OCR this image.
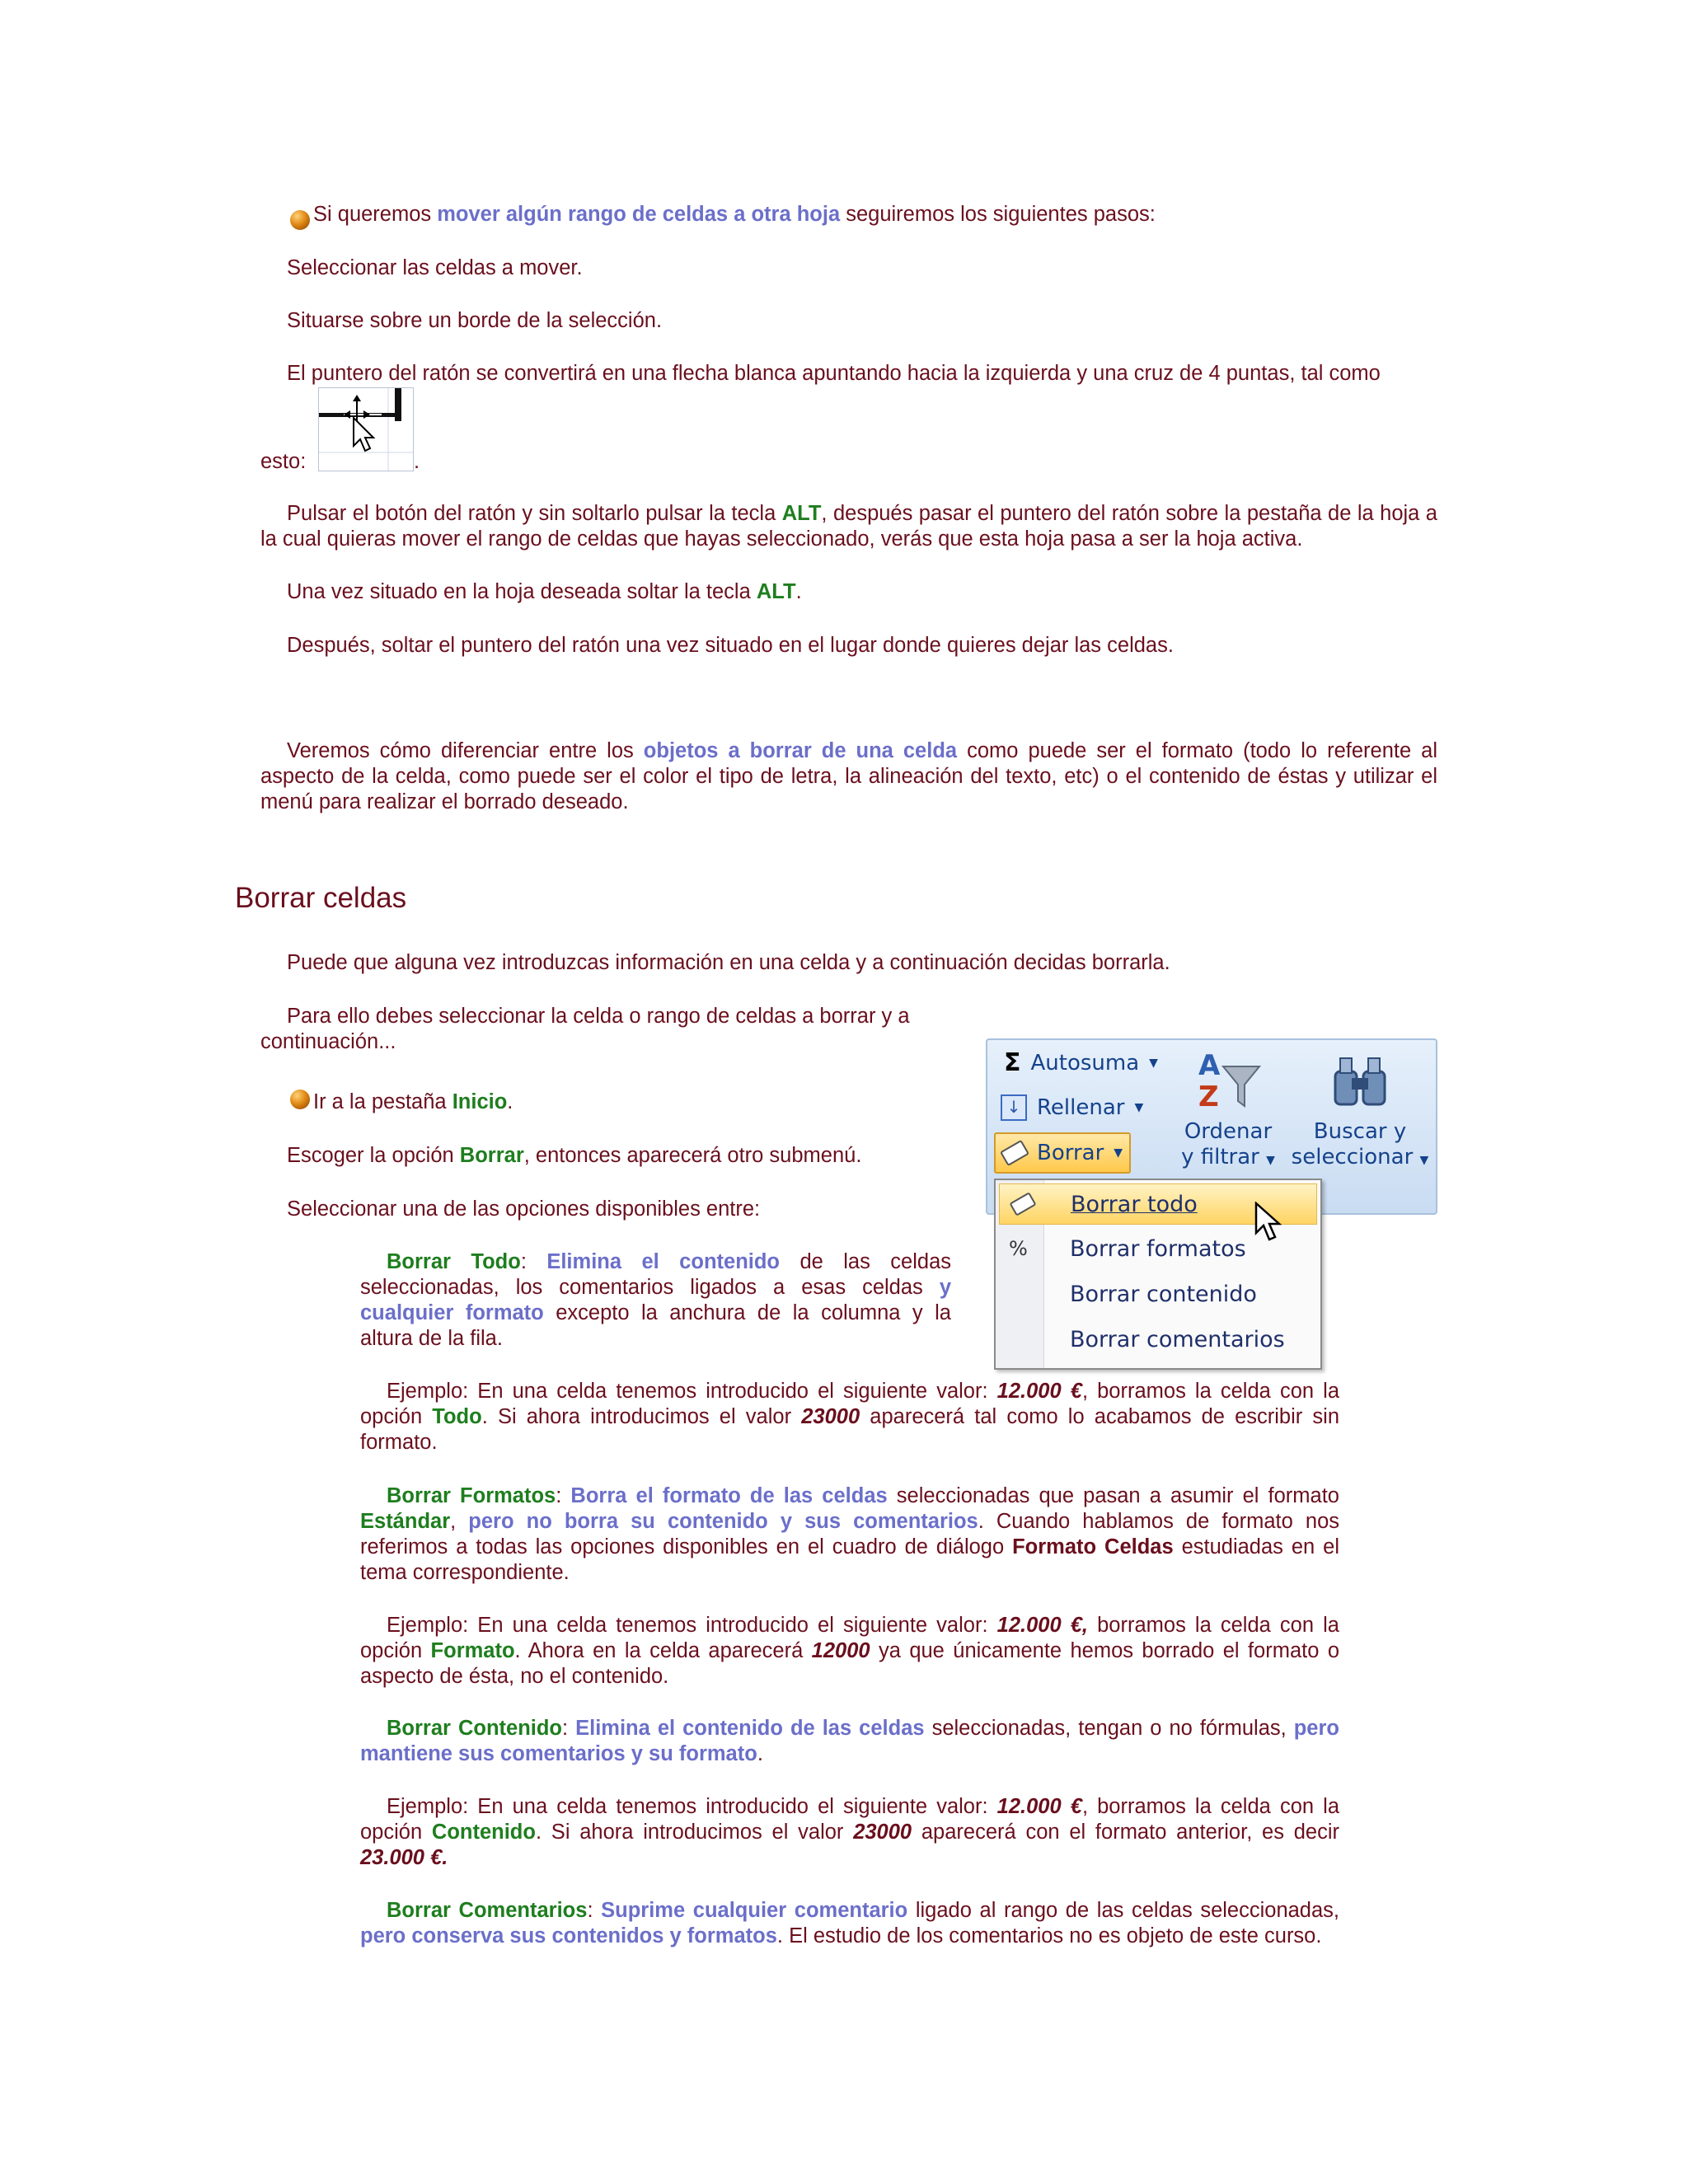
Si queremos mover algún rango de celdas a otra hoja seguiremos los siguientes pasos:
Seleccionar las celdas a mover.
Situarse sobre un borde de la selección.
El puntero del ratón se convertirá en una flecha blanca apuntando hacia la izquierda y una cruz de 4 puntas, tal como
esto:	.
Pulsar el botón del ratón y sin soltarlo pulsar la tecla ALT, después pasar el puntero del ratón sobre la pestaña de la hoja a la cual quieras mover el rango de celdas que hayas seleccionado, verás que esta hoja pasa a ser la hoja activa.
Una vez situado en la hoja deseada soltar la tecla ALT.
Después, soltar el puntero del ratón una vez situado en el lugar donde quieres dejar las celdas.
Veremos cómo diferenciar entre los objetos a borrar de una celda como puede ser el formato (todo lo referente al aspecto de la celda, como puede ser el color el tipo de letra, la alineación del texto, etc) o el contenido de éstas y utilizar el menú para realizar el borrado deseado.
Borrar celdas
Puede que alguna vez introduzcas información en una celda y a continuación decidas borrarla.
Para ello debes seleccionar la celda o rango de celdas a borrar y a continuación...
Ir a la pestaña Inicio.
Escoger la opción Borrar, entonces aparecerá otro submenú.
Seleccionar una de las opciones disponibles entre:
Borrar Todo: Elimina el contenido de las celdas seleccionadas, los comentarios ligados a esas celdas y cualquier formato excepto la anchura de la columna y la altura de la fila.
Ejemplo: En una celda tenemos introducido el siguiente valor: 12.000 €, borramos la celda con la opción Todo. Si ahora introducimos el valor 23000 aparecerá tal como lo acabamos de escribir sin formato.
Borrar Formatos: Borra el formato de las celdas seleccionadas que pasan a asumir el formato Estándar, pero no borra su contenido y sus comentarios. Cuando hablamos de formato nos referimos a todas las opciones disponibles en el cuadro de diálogo Formato Celdas estudiadas en el tema correspondiente.
Ejemplo: En una celda tenemos introducido el siguiente valor: 12.000 €, borramos la celda con la opción Formato. Ahora en la celda aparecerá 12000 ya que únicamente hemos borrado el formato o aspecto de ésta, no el contenido.
Borrar Contenido: Elimina el contenido de las celdas seleccionadas, tengan o no fórmulas, pero mantiene sus comentarios y su formato.
Ejemplo: En una celda tenemos introducido el siguiente valor: 12.000 €, borramos la celda con la opción Contenido. Si ahora introducimos el valor 23000 aparecerá con el formato anterior, es decir 23.000 €.
Borrar Comentarios: Suprime cualquier comentario ligado al rango de las celdas seleccionadas, pero conserva sus contenidos y formatos. El estudio de los comentarios no es objeto de este curso.
Σ Autosuma ▼
↓ Rellenar ▼
Borrar ▼
A
Z
Ordenar
y filtrar ▼
Buscar y
seleccionar ▼
Borrar todo
% Borrar formatos
Borrar contenido
Borrar comentarios
